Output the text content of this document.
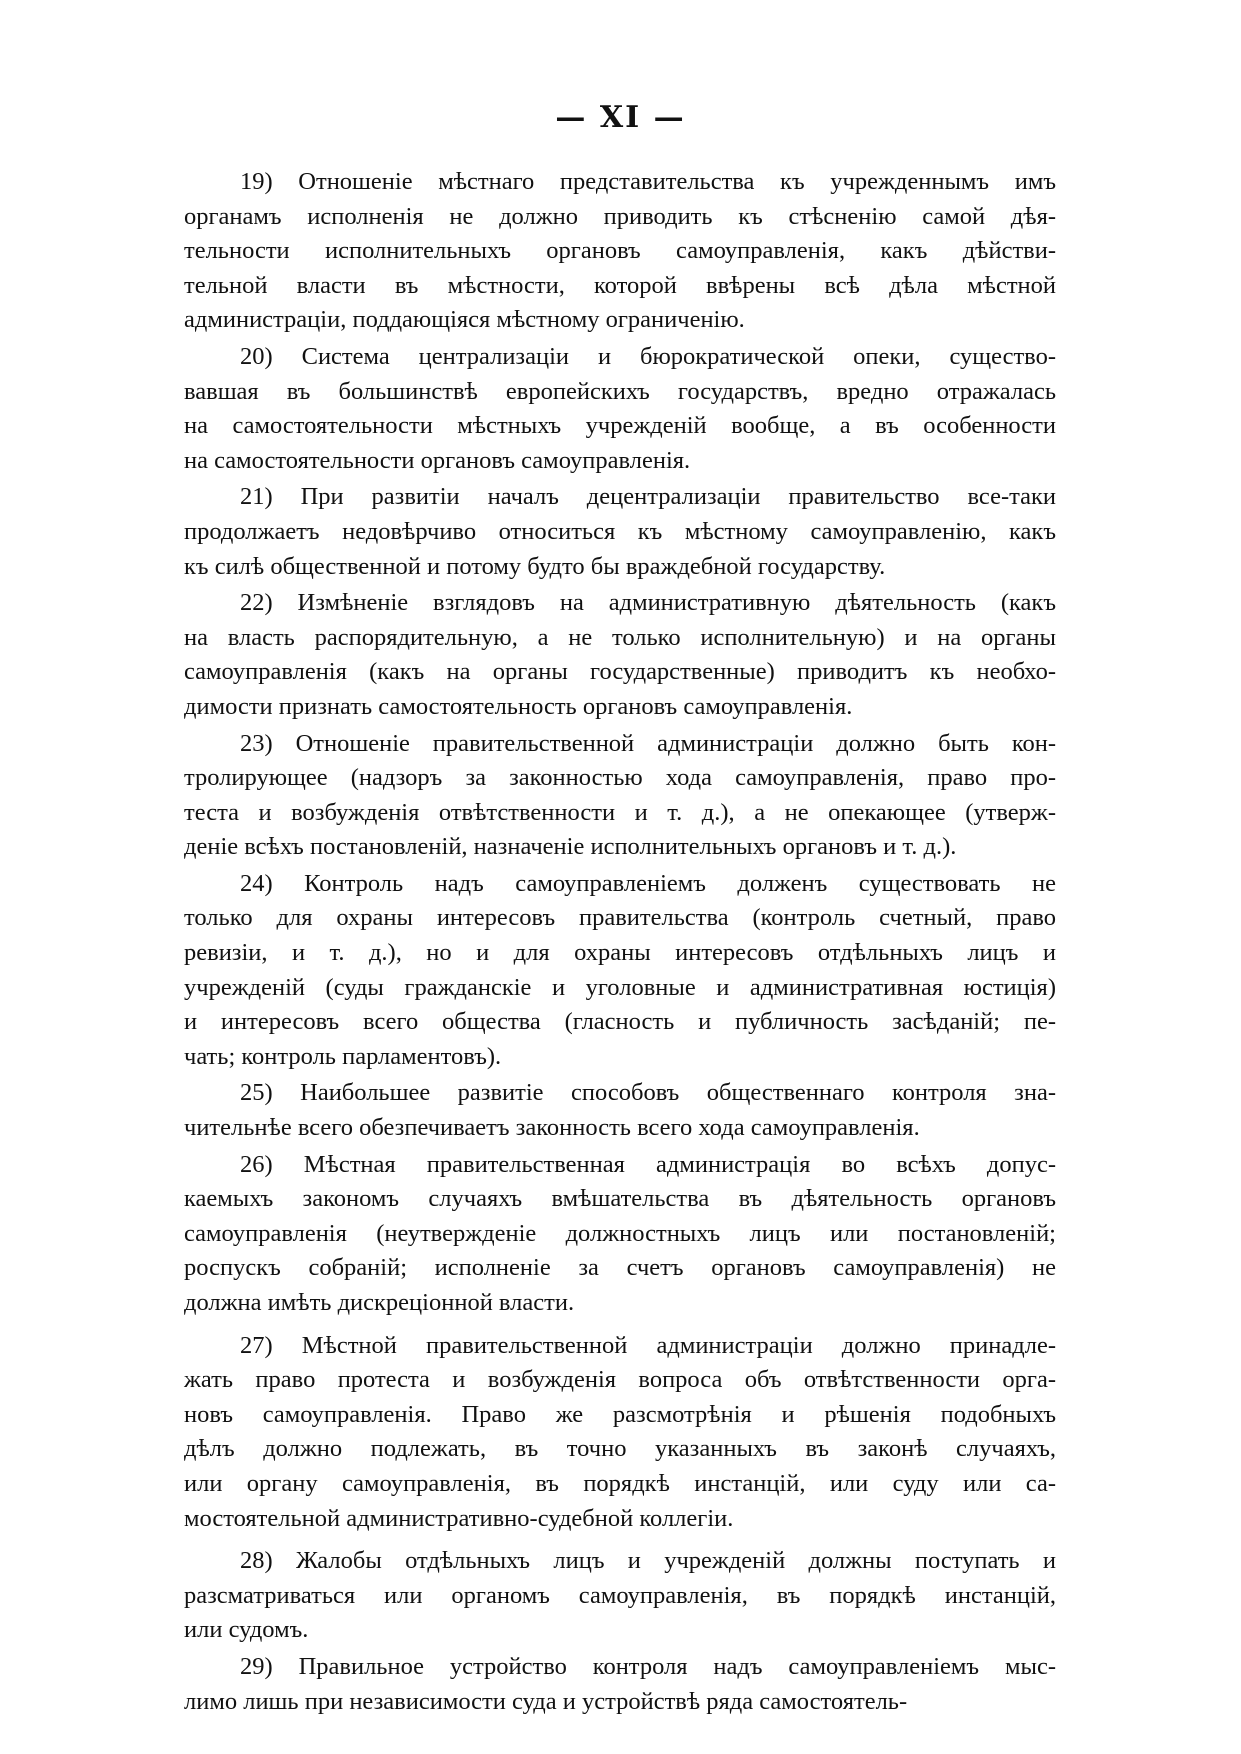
— XI —
19) Отношеніе мѣстнаго представительства къ учрежденнымъ имъ
органамъ исполненія не должно приводить къ стѣсненію самой дѣя-
тельности исполнительныхъ органовъ самоуправленія, какъ дѣйстви-
тельной власти въ мѣстности, которой ввѣрены всѣ дѣла мѣстной
администраціи, поддающіяся мѣстному ограниченію.
20) Система централизаціи и бюрократической опеки, существо-
вавшая въ большинствѣ европейскихъ государствъ, вредно отражалась
на самостоятельности мѣстныхъ учрежденій вообще, а въ особенности
на самостоятельности органовъ самоуправленія.
21) При развитіи началъ децентрализаціи правительство все-таки
продолжаетъ недовѣрчиво относиться къ мѣстному самоуправленію, какъ
къ силѣ общественной и потому будто бы враждебной государству.
22) Измѣненіе взглядовъ на административную дѣятельность (какъ
на власть распорядительную, а не только исполнительную) и на органы
самоуправленія (какъ на органы государственные) приводитъ къ необхо-
димости признать самостоятельность органовъ самоуправленія.
23) Отношеніе правительственной администраціи должно быть кон-
тролирующее (надзоръ за законностью хода самоуправленія, право про-
теста и возбужденія отвѣтственности и т. д.), а не опекающее (утверж-
деніе всѣхъ постановленій, назначеніе исполнительныхъ органовъ и т. д.).
24) Контроль надъ самоуправленіемъ долженъ существовать не
только для охраны интересовъ правительства (контроль счетный, право
ревизіи, и т. д.), но и для охраны интересовъ отдѣльныхъ лицъ и
учрежденій (суды гражданскіе и уголовные и административная юстиція)
и интересовъ всего общества (гласность и публичность засѣданій; пе-
чать; контроль парламентовъ).
25) Наибольшее развитіе способовъ общественнаго контроля зна-
чительнѣе всего обезпечиваетъ законность всего хода самоуправленія.
26) Мѣстная правительственная администрація во всѣхъ допус-
каемыхъ закономъ случаяхъ вмѣшательства въ дѣятельность органовъ
самоуправленія (неутвержденіе должностныхъ лицъ или постановленій;
роспускъ собраній; исполненіе за счетъ органовъ самоуправленія) не
должна имѣть дискреціонной власти.
27) Мѣстной правительственной администраціи должно принадле-
жать право протеста и возбужденія вопроса объ отвѣтственности орга-
новъ самоуправленія. Право же разсмотрѣнія и рѣшенія подобныхъ
дѣлъ должно подлежать, въ точно указанныхъ въ законѣ случаяхъ,
или органу самоуправленія, въ порядкѣ инстанцій, или суду или са-
мостоятельной административно-судебной коллегіи.
28) Жалобы отдѣльныхъ лицъ и учрежденій должны поступать и
разсматриваться или органомъ самоуправленія, въ порядкѣ инстанцій,
или судомъ.
29) Правильное устройство контроля надъ самоуправленіемъ мыс-
лимо лишь при независимости суда и устройствѣ ряда самостоятель-
